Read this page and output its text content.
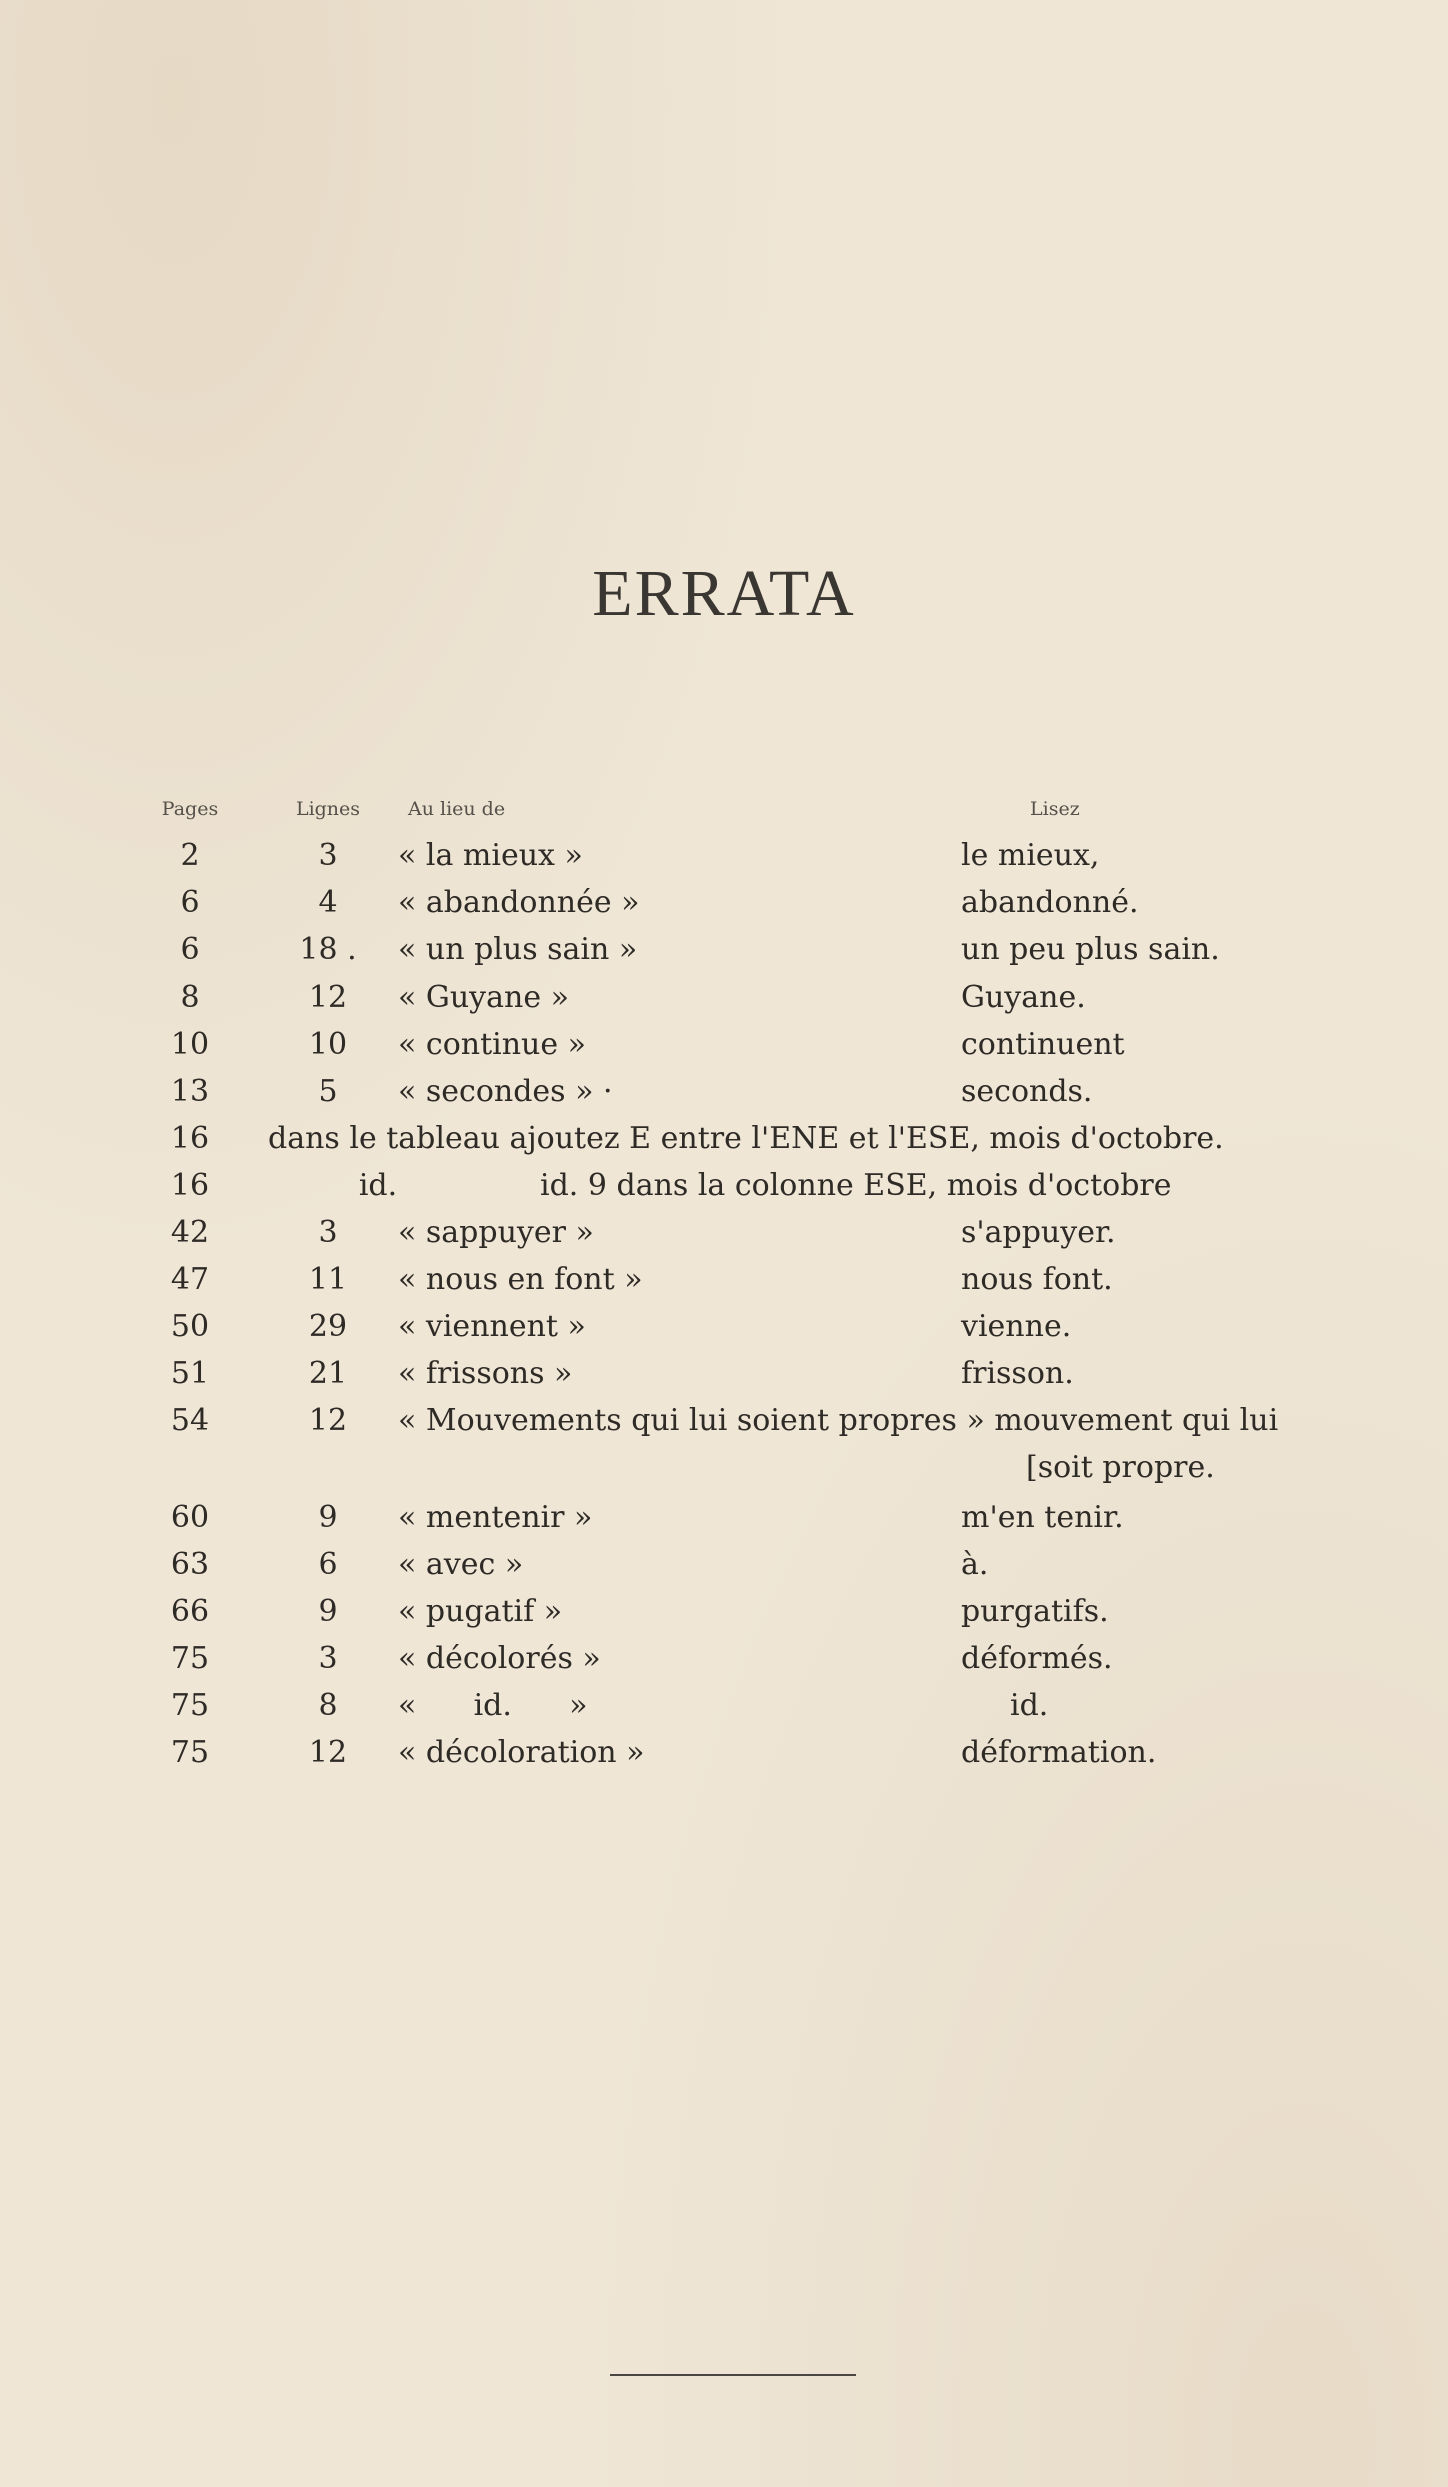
ERRATA
Pages	Lignes	Au lieu de	Lisez
2	3	« la mieux »	le mieux,
6	4	« abandonnée »	abandonné.
6	18 .	« un plus sain »	un peu plus sain.
8	12	« Guyane »	Guyane.
10	10	« continue »	continuent
13	5	« secondes » ·	seconds.
16	dans le tableau ajoutez E entre l'ENE et l'ESE, mois d'octobre.
16	id.	id. 9 dans la colonne ESE, mois d'octobre
42	3	« sappuyer »	s'appuyer.
47	11	« nous en font »	nous font.
50	29	« viennent »	vienne.
51	21	« frissons »	frisson.
54	12	« Mouvements qui lui soient propres » mouvement qui lui
[soit propre.
60	9	« mentenir »	m'en tenir.
63	6	« avec »	à.
66	9	« pugatif »	purgatifs.
75	3	« décolorés »	déformés.
75	8	«      id.      »	id.
75	12	« décoloration »	déformation.
